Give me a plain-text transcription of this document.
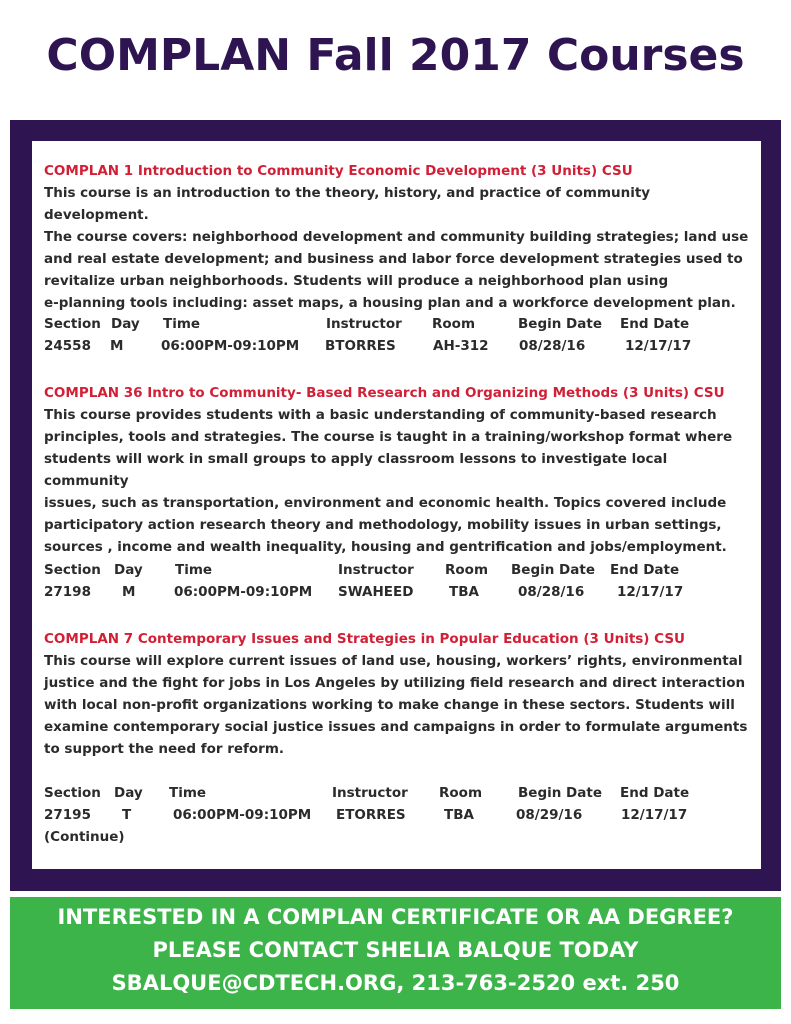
COMPLAN Fall 2017 Courses
COMPLAN 1 Introduction to Community Economic Development (3 Units) CSU

This course is an introduction to the theory, history, and practice of community development.
The course covers: neighborhood development and community building strategies; land use
and real estate development; and business and labor force development strategies used to
revitalize urban neighborhoods. Students will produce a neighborhood plan using
e-planning tools including: asset maps, a housing plan and a workforce development plan.

Section Day Time	Instructor Room	Begin Date End Date
24558 M	06:00PM-09:10PM BTORRES	AH-312 08/28/16	12/17/17
COMPLAN 36 Intro to Community- Based Research and Organizing Methods (3 Units) CSU

This course provides students with a basic understanding of community-based research
principles, tools and strategies. The course is taught in a training/workshop format where
students will work in small groups to apply classroom lessons to investigate local community
issues, such as transportation, environment and economic health. Topics covered include
participatory action research theory and methodology, mobility issues in urban settings,
sources , income and wealth inequality, housing and gentrification and jobs/employment.

Section Day Time	Instructor Room Begin Date End Date
27198 M	06:00PM-09:10PM SWAHEED	TBA	08/28/16 12/17/17
COMPLAN 7 Contemporary Issues and Strategies in Popular Education (3 Units) CSU

This course will explore current issues of land use, housing, workers’ rights, environmental
justice and the fight for jobs in Los Angeles by utilizing field research and direct interaction
with local non-profit organizations working to make change in these sectors. Students will
examine contemporary social justice issues and campaigns in order to formulate arguments
to support the need for reform.

Section Day Time	Instructor Room	Begin Date End Date
27195 T	06:00PM-09:10PM ETORRES	TBA	08/29/16	12/17/17
(Continue)
INTERESTED IN A COMPLAN CERTIFICATE OR AA DEGREE?
PLEASE CONTACT SHELIA BALQUE TODAY
SBALQUE@CDTECH.ORG, 213-763-2520 ext. 250
